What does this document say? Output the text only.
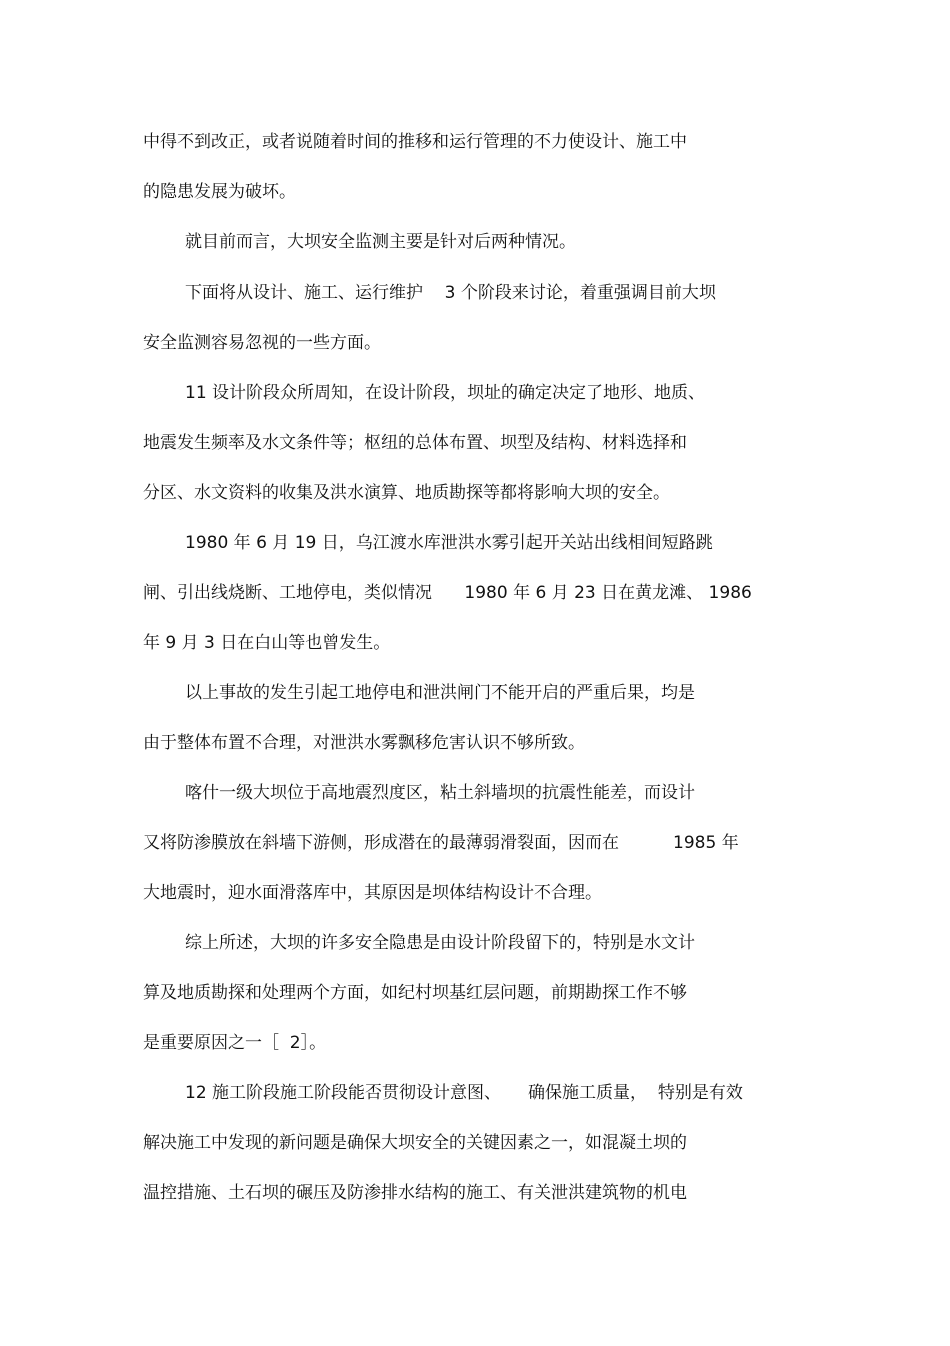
中得不到改正，或者说随着时间的推移和运行管理的不力使设计、施工中
的隐患发展为破坏。
就目前而言，大坝安全监测主要是针对后两种情况。
下面将从设计、施工、运行维护    3 个阶段来讨论，着重强调目前大坝
安全监测容易忽视的一些方面。
11 设计阶段众所周知，在设计阶段，坝址的确定决定了地形、地质、
地震发生频率及水文条件等；枢纽的总体布置、坝型及结构、材料选择和
分区、水文资料的收集及洪水演算、地质勘探等都将影响大坝的安全。
1980 年 6 月 19 日，乌江渡水库泄洪水雾引起开关站出线相间短路跳
闸、引出线烧断、工地停电，类似情况      1980 年 6 月 23 日在黄龙滩、 1986
年 9 月 3 日在白山等也曾发生。
以上事故的发生引起工地停电和泄洪闸门不能开启的严重后果，均是
由于整体布置不合理，对泄洪水雾飘移危害认识不够所致。
喀什一级大坝位于高地震烈度区，粘土斜墙坝的抗震性能差，而设计
又将防渗膜放在斜墙下游侧，形成潜在的最薄弱滑裂面，因而在          1985 年
大地震时，迎水面滑落库中，其原因是坝体结构设计不合理。
综上所述，大坝的许多安全隐患是由设计阶段留下的，特别是水文计
算及地质勘探和处理两个方面，如纪村坝基红层问题，前期勘探工作不够
是重要原因之一［  2］。
12 施工阶段施工阶段能否贯彻设计意图、     确保施工质量，  特别是有效
解决施工中发现的新问题是确保大坝安全的关键因素之一，如混凝土坝的
温控措施、土石坝的碾压及防渗排水结构的施工、有关泄洪建筑物的机电
